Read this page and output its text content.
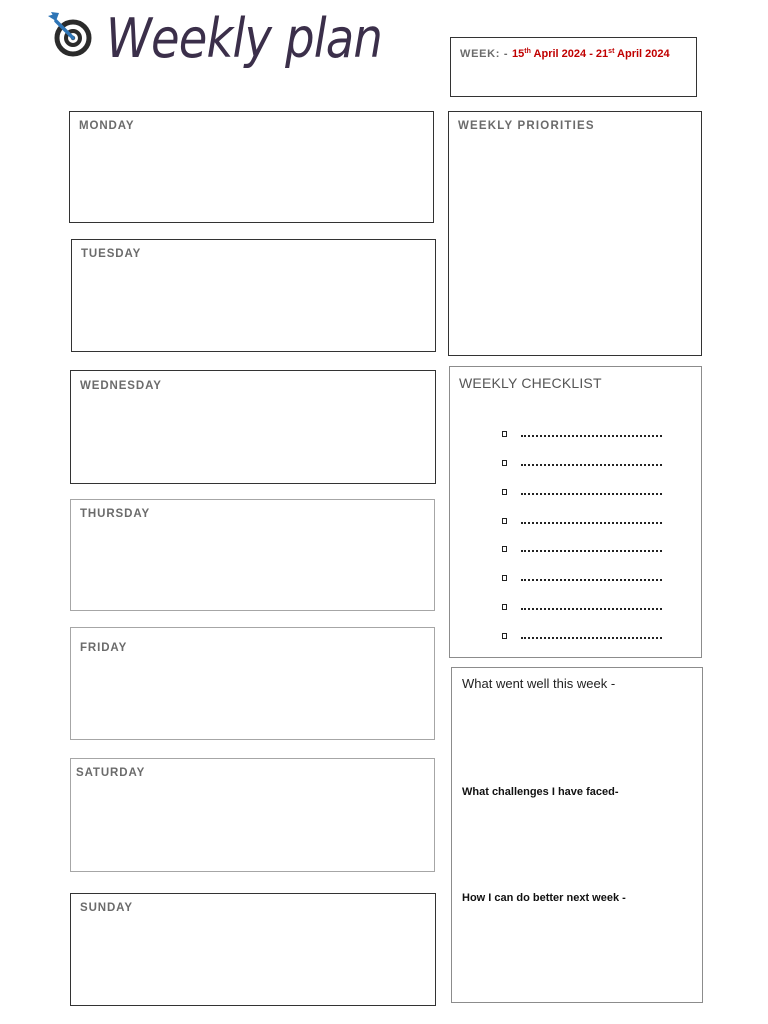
Weekly plan	WEEK: - 15th April 2024 - 21st April 2024
MONDAY
TUESDAY
WEDNESDAY
THURSDAY
FRIDAY
SATURDAY
SUNDAY
WEEKLY PRIORITIES
WEEKLY CHECKLIST
What went well this week -
What challenges I have faced-
How I can do better next week -
